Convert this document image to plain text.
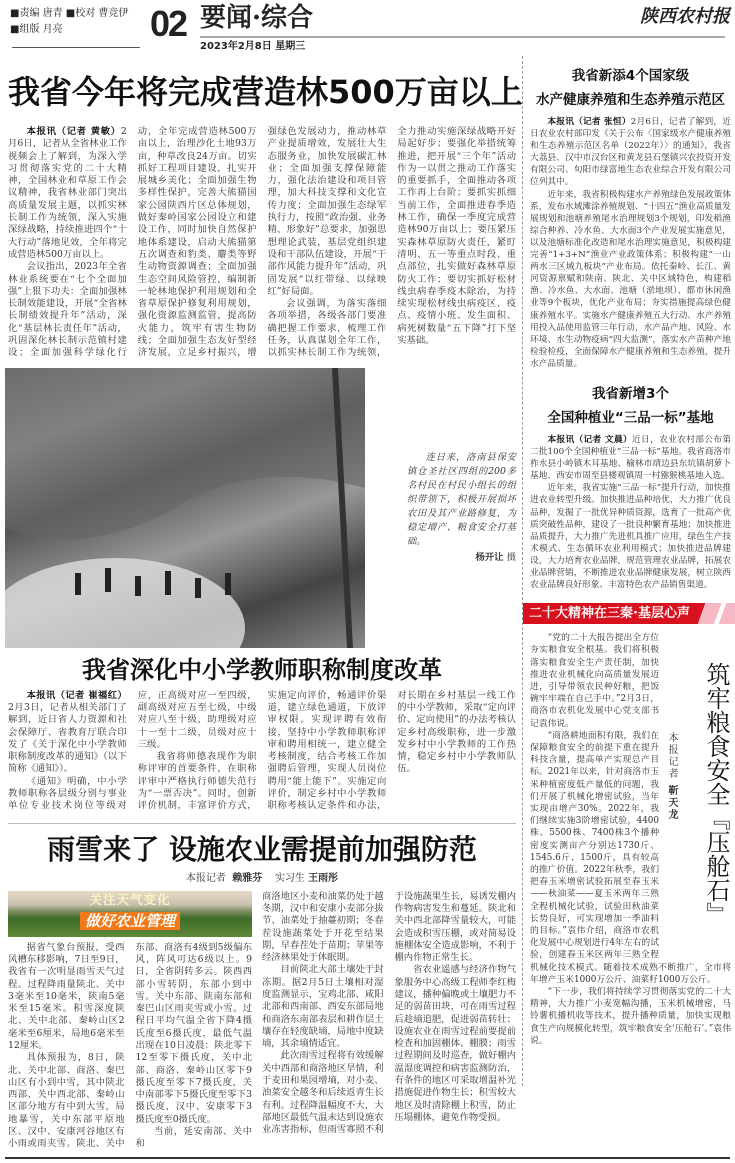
■责编 唐青 ■校对 曹竞伊
■组版 月亮	02 要闻·综合
2023年2月8日 星期三
陕西农村报
我省今年将完成营造林500万亩以上

本报讯（记者 黄敏）2月6日，记者从全省林业工作视频会上了解到，为深入学习贯彻落实党的二十大精神，全国林业和草原工作会议精神，我省林业部门突出高质量发展主题，以抓实林长制工作为统领，深入实施深绿战略，持续推进四个“十大行动”落地见效，全年将完成营造林500万亩以上。

会议指出，2023年全省林业系统要在“七个全面加强”上狠下功夫：全面加强林长制效能建设，开展“全省林长制绩效提升年”活动，深化“基层林长责任年”活动，巩固深化林长制示范镇村建设；全面加强科学绿化行动，全年完成营造林500万亩以上，治理沙化土地93万亩，种草改良24万亩。切实抓好工程项目建设，扎实开展城乡美化；全面加强生物多样性保护，完善大熊猫国家公园陕西片区总体规划，做好秦岭国家公园设立和建设工作，同时加快自然保护地体系建设，启动大熊猫第五次调查和豹类、麝类等野生动物资源调查；全面加强生态空间风险管控，编制新一轮林地保护利用规划和全省草原保护修复利用规划，强化资源监测监管，提高防火能力，筑牢有害生物防线；全面加强生态友好型经济发展，立足乡村振兴，增强绿色发展动力，推动林草产业提质增效，发展壮大生态服务业，加快发展碳汇林业；全面加强支撑保障能力，强化法治建设和项目管理，加大科技支撑和文化宣传力度；全面加强生态绿军执行力，按照“政治强、业务精、形象好”总要求，加强思想理论武装，基层党组织建设和干部队伍建设，开展“干部作风能力提升年”活动，巩固发展“以红带绿、以绿映红”好局面。

会议强调，为落实落细各项举措，各级各部门要准确把握工作要求，梳理工作任务，认真谋划全年工作，以抓实林长制工作为统领，全力推动实施深绿战略开好局起好步；要强化举措统筹推进，把开展“三个年”活动作为一以贯之推动工作落实的重要抓手，全面推动各项工作再上台阶；要抓实抓细当前工作，全面推进春季造林工作，确保一季度完成营造林90万亩以上；要压紧压实森林草原防火责任，紧盯清明、五一等重点时段、重点部位，扎实做好森林草原防火工作；要切实抓好松材线虫病春季疫木除治，为持续实现松材线虫病疫区、疫点、疫情小班、发生面积、病死树数量“五下降”打下坚实基础。

连日来，洛南县保安镇仓圣社区四组的200多名村民在村民小组长的组织带领下，积极开展损坏农田及其产业路修复，为稳定增产、粮食安全打基础。

杨开让 摄
我省深化中小学教师职称制度改革

本报讯（记者 崔福红）2月3日，记者从相关部门了解到，近日省人力资源和社会保障厅、省教育厅联合印发了《关于深化中小学教师职称制度改革的通知》（以下简称《通知》）。

《通知》明确，中小学教师职称各层级分别与事业单位专业技术岗位等级对应，正高级对应一至四级，副高级对应五至七级，中级对应八至十级，助理级对应十一至十二级，员级对应十三级。

我省将师德表现作为职称评审的首要条件，在职称评审中严格执行师德失范行为“一票否决”。同时，创新评价机制，丰富评价方式，实施定向评价，畅通评价渠道，建立绿色通道，下放评审权限。实现评聘有效衔接，坚持中小学教师职称评审和聘用相统一，建立健全考核制度，结合考核工作加强聘后管理，实现人员岗位聘用“能上能下”。实施定向评价，制定乡村中小学教师职称考核认定条件和办法，对长期在乡村基层一线工作的中小学教师，采取“定向评价、定向使用”的办法考核认定乡村高级职称，进一步激发乡村中小学教师的工作热情，稳定乡村中小学教师队伍。

雨雪来了 设施农业需提前加强防范
本报记者 赖雅芬 实习生 王雨彤
关注天气变化
做好农业管理

据省气象台预报，受西风槽东移影响，7日至9日，我省有一次明显雨雪天气过程。过程降雨量陕北、关中3毫米至10毫米，陕南5毫米至15毫米。积雪深度陕北、关中北部、秦岭山区2毫米至6厘米，局地6毫米至12厘米。

具体预报为，8日，陕北、关中北部、商洛、秦巴山区有小到中雪，其中陕北西部、关中西北部、秦岭山区部分地方有中到大雪，局地暴雪，关中东部平原地区、汉中、安康河谷地区有小雨或雨夹雪。陕北、关中东部、商洛有4级到5级偏东风，阵风可达6级以上。9日，全省阴转多云。陕西西部小雪转阴，东部小到中雪。关中东部、陕南东部和秦巴山区雨夹雪或小雪。过程日平均气温全省下降4摄氏度至6摄氏度，最低气温出现在10日凌晨：陕北零下12至零下摄氏度，关中北部、商洛、秦岭山区零下9摄氏度至零下7摄氏度，关中南部零下5摄氏度至零下3摄氏度，汉中、安康零下3摄氏度至0摄氏度。

当前，延安南部、关中和

商洛地区小麦和油菜仍处于越冬期，汉中和安康小麦部分拔节、油菜处于抽薹初期；冬春茬设施蔬菜处于开花至结果期，早春茬处于苗期；苹果等经济林果处于休眠期。

目前陕北大部土壤处于封冻期。据2月5日土壤相对湿度监测显示，宝鸡北部、咸阳北部和西南部、西安东部局地和商洛东南部表层和耕作层土壤存在轻度缺墒，局地中度缺墒，其余墒情适宜。

此次雨雪过程将有效缓解关中西部和商洛地区旱情，利于麦田和果园增墒，对小麦、油菜安全越冬和后续返青生长有利。过程降温幅度不大，大部地区最低气温未达到设施农业冻害指标，但雨雪寡照不利于设施蔬果生长，易诱发棚内作物病害发生和蔓延。陕北和关中西北部降雪量较大，可能会造成积雪压棚，或对简易设施棚体安全造成影响，不利于棚内作物正常生长。

省农业遥感与经济作物气象服务中心高级工程师李红梅建议，播种偏晚或土壤肥力不足的弱苗田块，可在雨雪过程后趁墒追肥，促进弱苗转壮；设施农业在雨雪过程前要提前检查和加固棚体、棚膜；雨雪过程期间及时巡查，做好棚内温湿度调控和病害监测防治，有条件的地区可采取增温补光措施促进作物生长；积雪较大地区及时清除棚上积雪，防止压塌棚体，避免作物受损。

我省新添4个国家级
水产健康养殖和生态养殖示范区

本报讯（记者 张恒）2月6日，记者了解到，近日农业农村部印发《关于公布〈国家级水产健康养殖和生态养殖示范区名单（2022年）〉的通知》，我省大荔县、汉中市汉台区和黄龙县石堡镇兴农投资开发有限公司、旬阳市绿富地生态农业综合开发有限公司位列其中。

近年来，我省积极构建水产养殖绿色发展政策体系，发布水域滩涂养殖规划、“十四五”渔业高质量发展规划和池塘养殖尾水治理规划3个规划，印发稻渔综合种养、冷水鱼、大水面3个产业发展实施意见，以及池塘标准化改造和尾水治理实施意见，积极构建完善“1+3+N”渔业产业政策体系；积极构建“一山两水三区域九板块”产业布局。依托秦岭、长江、黄河资源禀赋和陕南、陕北、关中区域特色，构建稻渔、冷水鱼、大水面、池塘（淤地坝）、都市休闲渔业等9个板块，优化产业布局；夯实措施提高绿色健康养殖水平。实施水产健康养殖五大行动、水产养殖用投入品使用监管三年行动，水产品产地、风险、水环境、水生动物疫病“四大监测”，落实水产苗种产地检验检疫，全面保障水产健康养殖和生态养殖，提升水产品质量。

我省新增3个
全国种植业“三品一标”基地

本报讯（记者 文晨）近日，农业农村部公布第二批100个全国种植业“三品一标”基地。我省商洛市柞水县小岭镇木耳基地、榆林市靖边县东坑镇胡萝卜基地、西安市周至县楼观镇周一村猕猴桃基地入选。

近年来，我省实施“三品一标”提升行动，加快推进农业转型升级。加快推进品种培优，大力推广优良品种，发掘了一批优异种质资源，选育了一批高产优质突破性品种，建设了一批良种繁育基地；加快推进品质提升，大力推广先进机具推广应用，绿色生产技术模式、生态循环农业利用模式；加快推进品牌建设，大力培育农业品牌，规范管理农业品牌，拓展农业品牌营销，不断推进农业品牌健康发展，树立陕西农业品牌良好形象、丰富特色农产品销售渠道。

二十大精神在三秦·基层心声
本报记者 靳天龙 筑牢粮食安全『压舱石』

“党的二十大报告提出全方位夯实粮食安全根基。我们将积极落实粮食安全生产责任制，加快推进农业机械化向高质量发展迈进，引导带领农民种好粮，把饭碗牢牢端在自己手中。”2月3日，商洛市农机化发展中心党支部书记袁伟说。

“商洛耕地面积有限，我们在保障粮食安全的前提下重在提升科技含量，提高单产实现总产目标。2021年以来，针对商洛市玉米种植密度低产量低的问题，我们开展了机械化增密试验，当年实现亩增产30%。2022年，我们继续实施3阶增密试验，4400株、5500株、7400株3个播种密度实测亩产分别达1730斤、1545.6斤、1500斤，具有较高的推广价值。2022年秋季，我们把春玉米增密试验拓展至春玉米——秋油菜——夏玉米两年三熟全程机械化试验，试验田秋油菜长势良好，可实现增加一季油料的目标。”袁伟介绍，商洛市农机化发展中心规划进行4年左右的试验，创建春玉米区两年三熟全程机械化技术模式。随着技术成熟不断推广，全市将年增产玉米1000万公斤、油菜籽1000万公斤。

“下一步，我们将持续学习贯彻落实党的二十大精神，大力推广小麦宽幅沟播，玉米机械增密，马铃薯机播机收等技术，提升播种质量，加快实现粮食生产向规模化转型，筑牢粮食安全‘压舱石’。”袁伟说。
